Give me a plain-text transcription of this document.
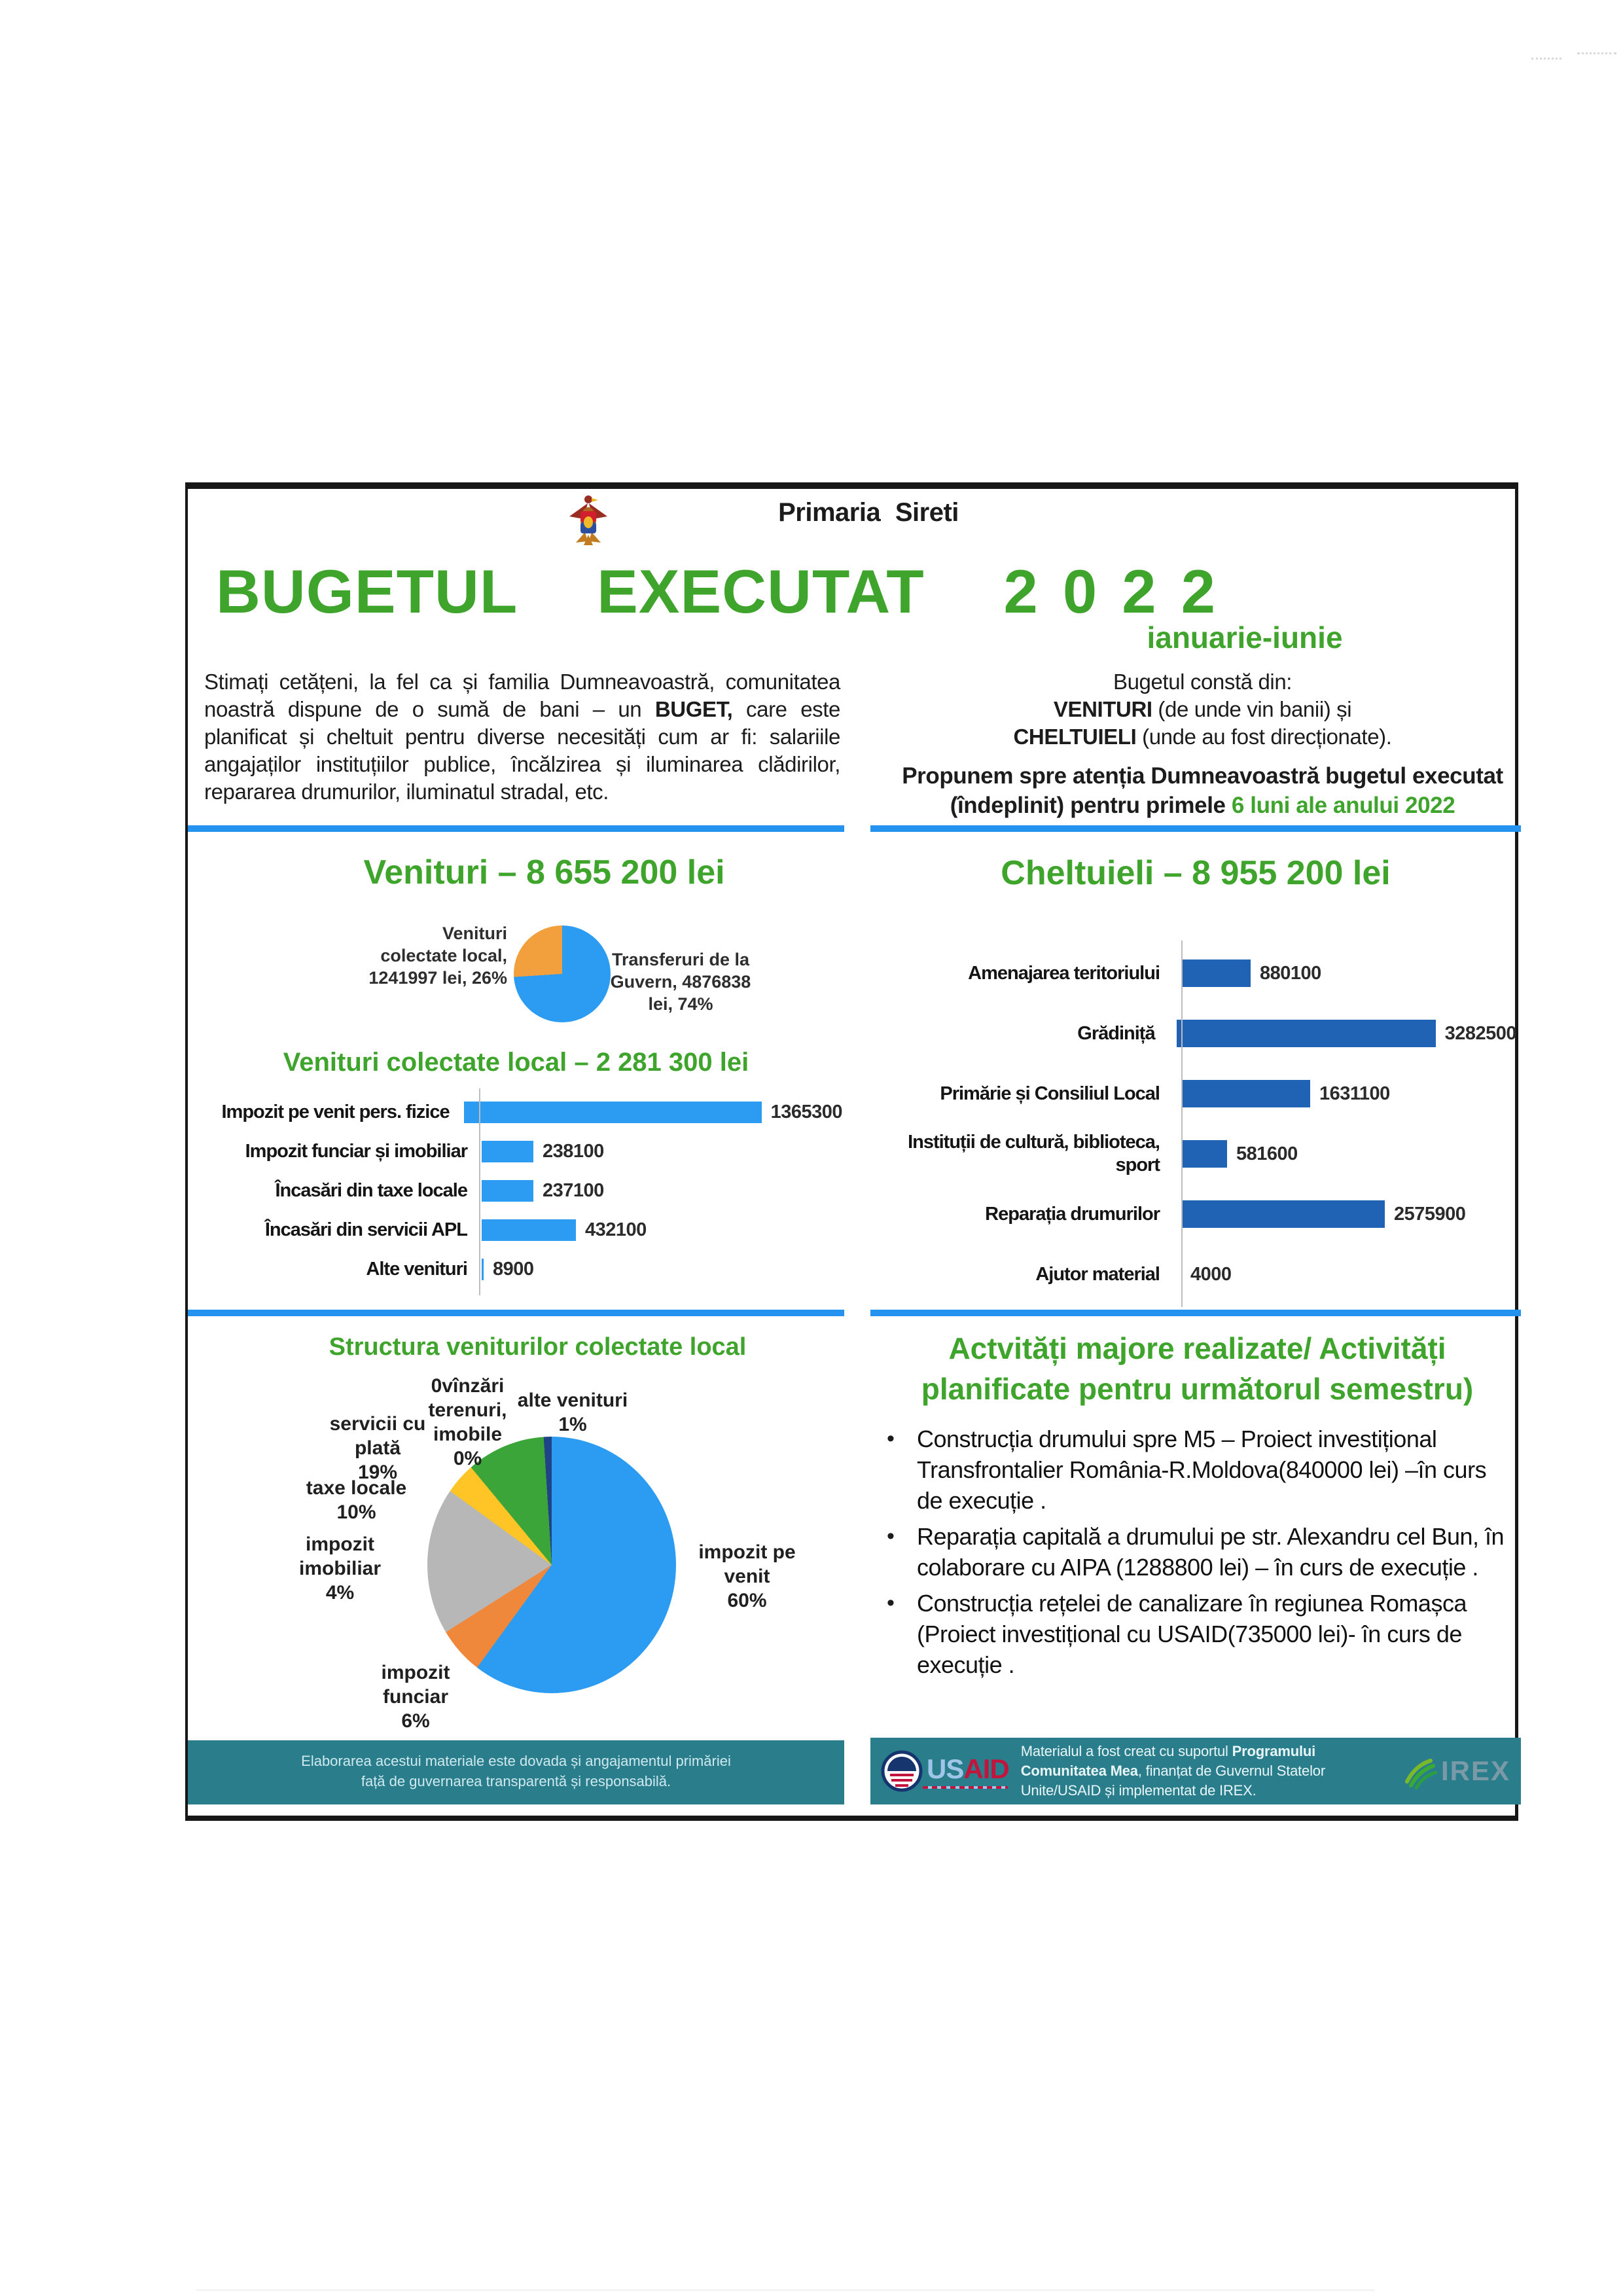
Primaria Sireti
BUGETUL EXECUTAT 2 0 2 2
ianuarie-iunie
Stimați cetățeni, la fel ca și familia Dumneavoastră, comunitatea noastră dispune de o sumă de bani – un BUGET, care este planificat și cheltuit pentru diverse necesități cum ar fi: salariile angajaților instituțiilor publice, încălzirea și iluminarea clădirilor, repararea drumurilor, iluminatul stradal, etc.
Bugetul constă din:
VENITURI (de unde vin banii) și
CHELTUIELI (unde au fost direcționate).
Propunem spre atenția Dumneavoastră bugetul executat (îndeplinit) pentru primele 6 luni ale anului 2022
Venituri – 8 655 200 lei
Venituri
colectate local,
1241997 lei, 26%
Transferuri de la
Guvern, 4876838
lei, 74%
Venituri colectate local – 2 281 300 lei
Impozit pe venit pers. fizice	1365300
Impozit funciar și imobiliar	238100
Încasări din taxe locale	237100
Încasări din servicii APL	432100
Alte venituri 8900
Structura veniturilor colectate local
0vînzări terenuri, imobile
0%
alte venituri
1%
servicii cu plată
19%
taxe locale
10%
impozit imobiliar
4%
impozit funciar
6%
impozit pe venit
60%
Cheltuieli – 8 955 200 lei
Amenajarea teritoriului	880100
Grădiniță	3282500
Primărie și Consiliul Local	1631100
Instituții de cultură, biblioteca, sport
581600
Reparația drumurilor	2575900
Ajutor material 4000
Actvități majore realizate/ Activități
planificate pentru următorul semestru)
• Construcția drumului spre M5 – Proiect investițional Transfrontalier România-R.Moldova(840000 lei) –în curs de execuție .
• Reparația capitală a drumului pe str. Alexandru cel Bun, în colaborare cu AIPA (1288800 lei) – în curs de execuție .
• Construcția rețelei de canalizare în regiunea Romașca (Proiect investițional cu USAID(735000 lei)- în curs de execuție .
Elaborarea acestui materiale este dovada și angajamentul primăriei
față de guvernarea transparentă și responsabilă.	USAID
Materialul a fost creat cu suportul Programului Comunitatea Mea, finanțat de Guvernul Statelor Unite/USAID și implementat de IREX.
IREX
